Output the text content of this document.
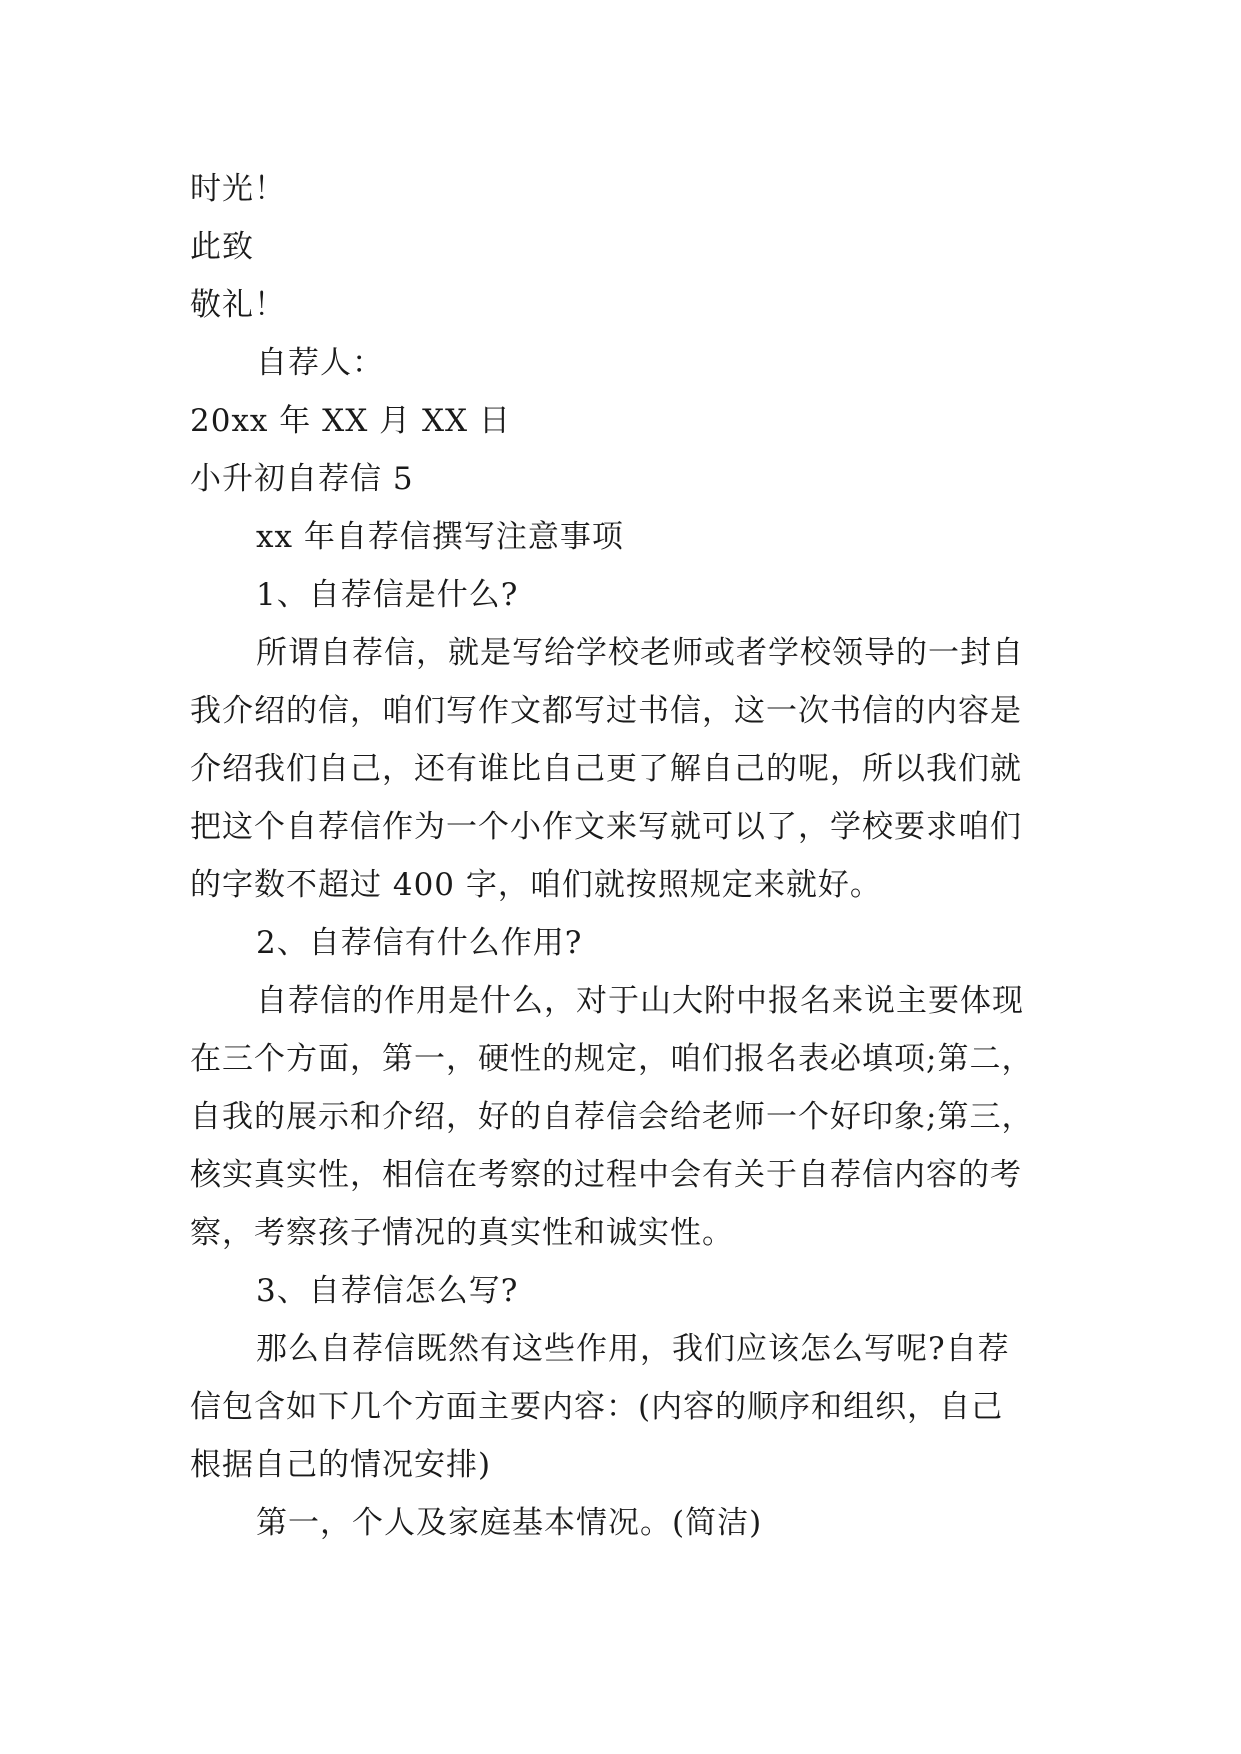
时光！
此致
敬礼！
自荐人：
20xx 年 XX 月 XX 日
小升初自荐信 5
xx 年自荐信撰写注意事项
1、自荐信是什么?
所谓自荐信，就是写给学校老师或者学校领导的一封自
我介绍的信，咱们写作文都写过书信，这一次书信的内容是
介绍我们自己，还有谁比自己更了解自己的呢，所以我们就
把这个自荐信作为一个小作文来写就可以了，学校要求咱们
的字数不超过 400 字，咱们就按照规定来就好。
2、自荐信有什么作用?
自荐信的作用是什么，对于山大附中报名来说主要体现
在三个方面，第一，硬性的规定，咱们报名表必填项;第二，
自我的展示和介绍，好的自荐信会给老师一个好印象;第三，
核实真实性，相信在考察的过程中会有关于自荐信内容的考
察，考察孩子情况的真实性和诚实性。
3、自荐信怎么写?
那么自荐信既然有这些作用，我们应该怎么写呢?自荐
信包含如下几个方面主要内容：(内容的顺序和组织，自己
根据自己的情况安排)
第一，个人及家庭基本情况。(简洁)
